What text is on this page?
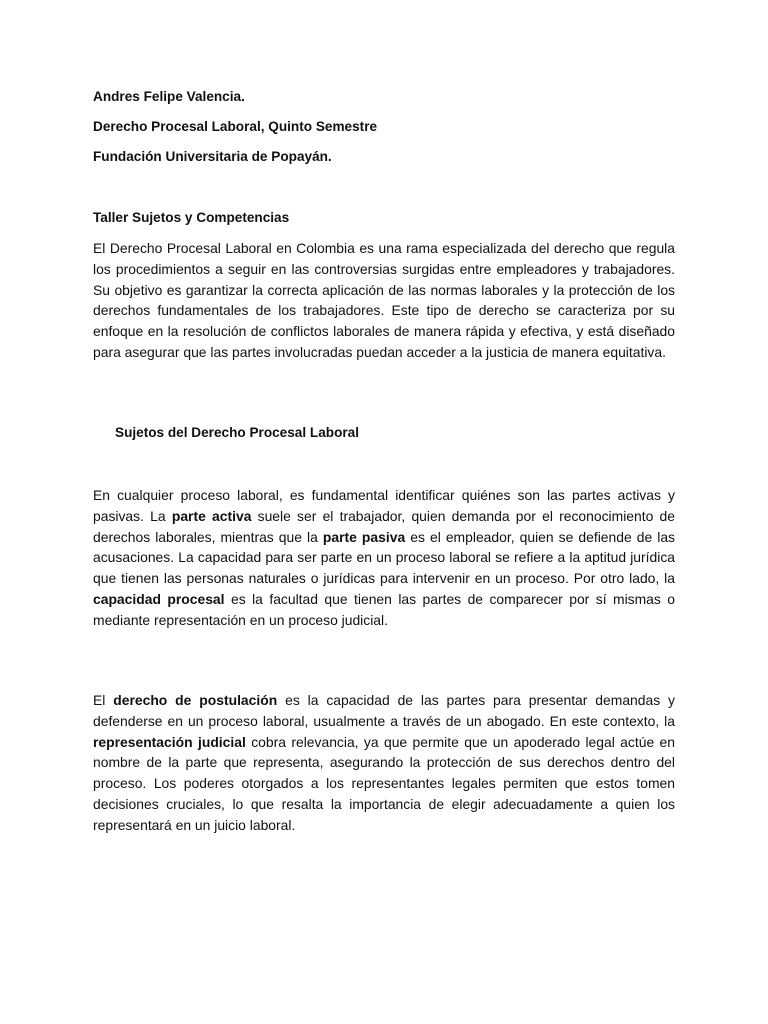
Andres Felipe Valencia.
Derecho Procesal Laboral, Quinto Semestre
Fundación Universitaria de Popayán.
Taller Sujetos y Competencias

El Derecho Procesal Laboral en Colombia es una rama especializada del derecho que regula los procedimientos a seguir en las controversias surgidas entre empleadores y trabajadores. Su objetivo es garantizar la correcta aplicación de las normas laborales y la protección de los derechos fundamentales de los trabajadores. Este tipo de derecho se caracteriza por su enfoque en la resolución de conflictos laborales de manera rápida y efectiva, y está diseñado para asegurar que las partes involucradas puedan acceder a la justicia de manera equitativa.

Sujetos del Derecho Procesal Laboral

En cualquier proceso laboral, es fundamental identificar quiénes son las partes activas y pasivas. La parte activa suele ser el trabajador, quien demanda por el reconocimiento de derechos laborales, mientras que la parte pasiva es el empleador, quien se defiende de las acusaciones. La capacidad para ser parte en un proceso laboral se refiere a la aptitud jurídica que tienen las personas naturales o jurídicas para intervenir en un proceso. Por otro lado, la capacidad procesal es la facultad que tienen las partes de comparecer por sí mismas o mediante representación en un proceso judicial.

El derecho de postulación es la capacidad de las partes para presentar demandas y defenderse en un proceso laboral, usualmente a través de un abogado. En este contexto, la representación judicial cobra relevancia, ya que permite que un apoderado legal actúe en nombre de la parte que representa, asegurando la protección de sus derechos dentro del proceso. Los poderes otorgados a los representantes legales permiten que estos tomen decisiones cruciales, lo que resalta la importancia de elegir adecuadamente a quien los representará en un juicio laboral.
